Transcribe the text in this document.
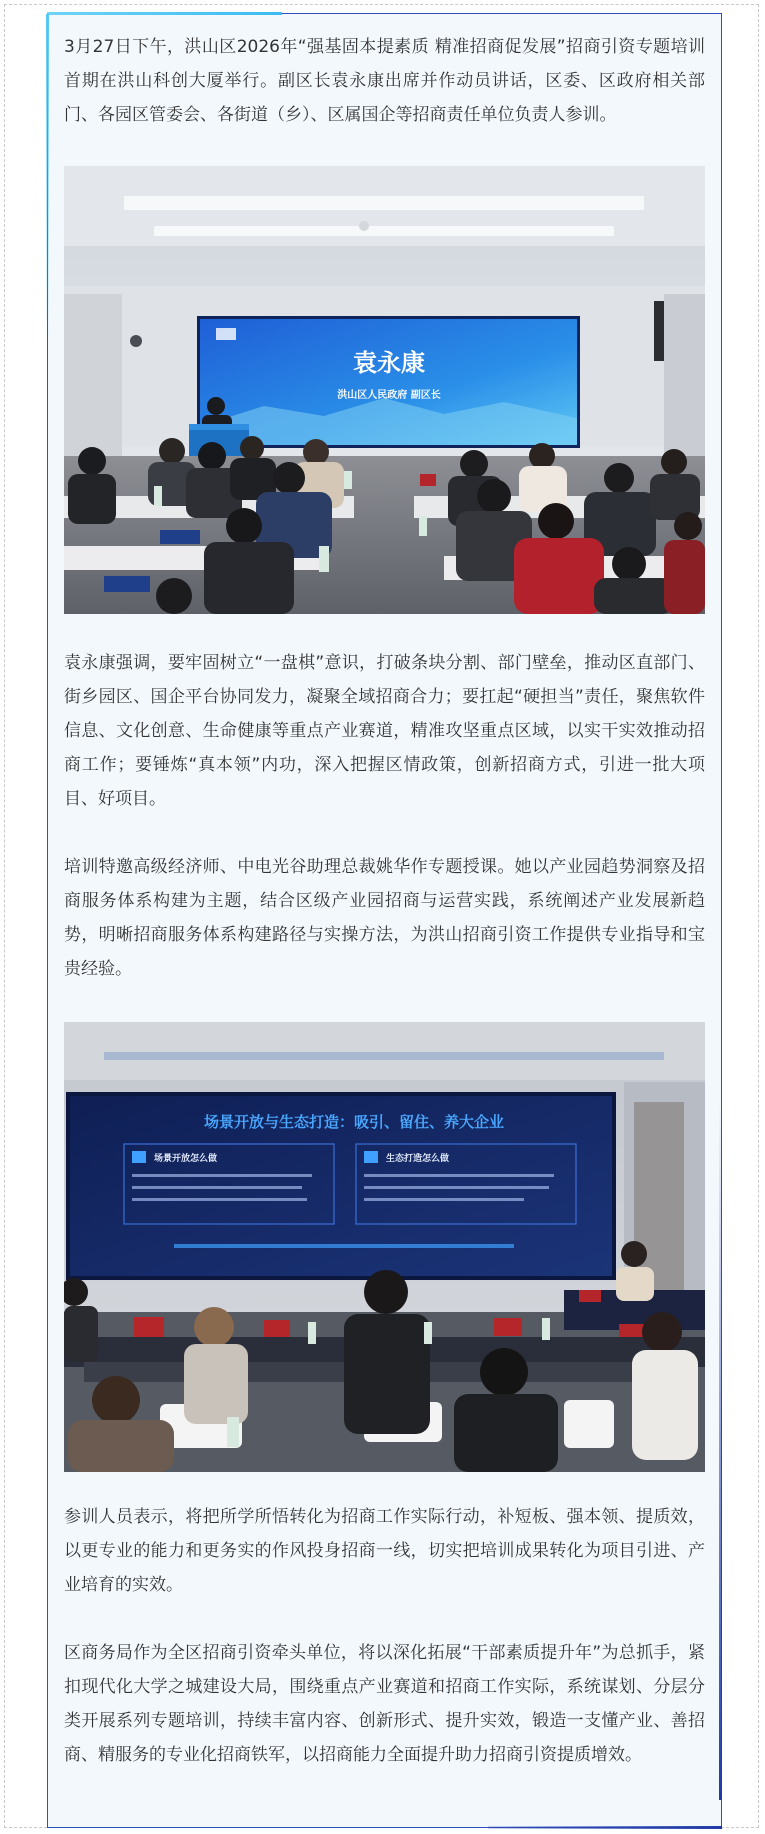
3月27日下午，洪山区2026年“强基固本提素质 精准招商促发展”招商引资专题培训首期在洪山科创大厦举行。副区长袁永康出席并作动员讲话，区委、区政府相关部门、各园区管委会、各街道（乡）、区属国企等招商责任单位负责人参训。

袁永康
洪山区人民政府 副区长

袁永康强调，要牢固树立“一盘棋”意识，打破条块分割、部门壁垒，推动区直部门、街乡园区、国企平台协同发力，凝聚全域招商合力；要扛起“硬担当”责任，聚焦软件信息、文化创意、生命健康等重点产业赛道，精准攻坚重点区域，以实干实效推动招商工作；要锤炼“真本领”内功，深入把握区情政策，创新招商方式，引进一批大项目、好项目。

培训特邀高级经济师、中电光谷助理总裁姚华作专题授课。她以产业园趋势洞察及招商服务体系构建为主题，结合区级产业园招商与运营实践，系统阐述产业发展新趋势，明晰招商服务体系构建路径与实操方法，为洪山招商引资工作提供专业指导和宝贵经验。

场景开放与生态打造：吸引、留住、养大企业
场景开放怎么做	生态打造怎么做

参训人员表示，将把所学所悟转化为招商工作实际行动，补短板、强本领、提质效，以更专业的能力和更务实的作风投身招商一线，切实把培训成果转化为项目引进、产业培育的实效。

区商务局作为全区招商引资牵头单位，将以深化拓展“干部素质提升年”为总抓手，紧扣现代化大学之城建设大局，围绕重点产业赛道和招商工作实际，系统谋划、分层分类开展系列专题培训，持续丰富内容、创新形式、提升实效，锻造一支懂产业、善招商、精服务的专业化招商铁军，以招商能力全面提升助力招商引资提质增效。
